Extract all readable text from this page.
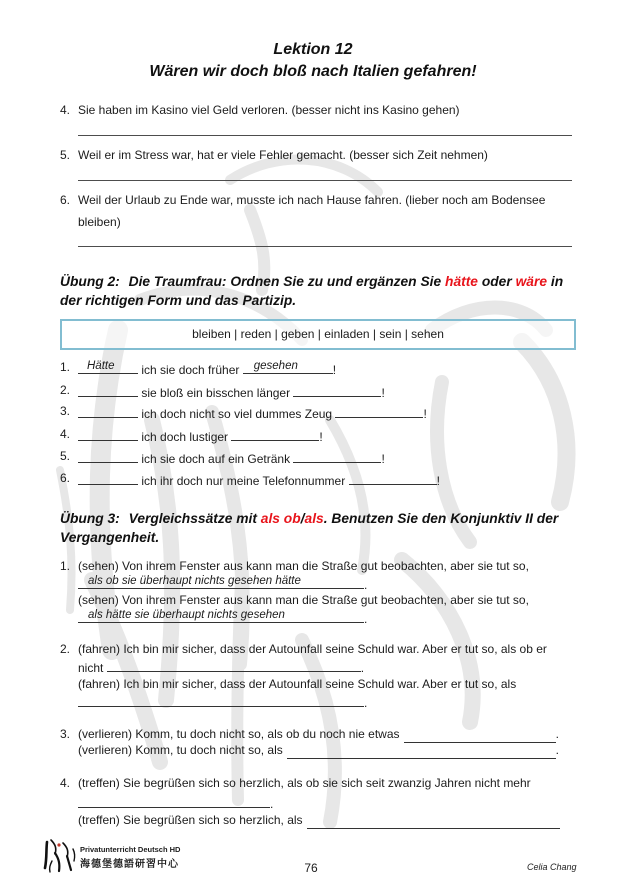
Lektion 12
Wären wir doch bloß nach Italien gefahren!
4. Sie haben im Kasino viel Geld verloren. (besser nicht ins Kasino gehen)
5. Weil er im Stress war, hat er viele Fehler gemacht. (besser sich Zeit nehmen)
6. Weil der Urlaub zu Ende war, musste ich nach Hause fahren. (lieber noch am Bodensee
bleiben)
Übung 2: Die Traumfrau: Ordnen Sie zu und ergänzen Sie hätte oder wäre in
der richtigen Form und das Partizip.
bleiben | reden | geben | einladen | sein | sehen
1.	Hätte ich sie doch früher gesehen	!
2.	sie bloß ein bisschen länger	!
3.	ich doch nicht so viel dummes Zeug	!
4.	ich doch lustiger	!
5.	ich sie doch auf ein Getränk	!
6.	ich ihr doch nur meine Telefonnummer	!
Übung 3: Vergleichssätze mit als ob/als. Benutzen Sie den Konjunktiv II der
Vergangenheit.
1. (sehen) Von ihrem Fenster aus kann man die Straße gut beobachten, aber sie tut so,
als ob sie überhaupt nichts gesehen hätte	.
(sehen) Von ihrem Fenster aus kann man die Straße gut beobachten, aber sie tut so,
als hätte sie überhaupt nichts gesehen	.
2. (fahren) Ich bin mir sicher, dass der Autounfall seine Schuld war. Aber er tut so, als ob er
nicht	.
(fahren) Ich bin mir sicher, dass der Autounfall seine Schuld war. Aber er tut so, als
.
3. (verlieren) Komm, tu doch nicht so, als ob du noch nie etwas	.
(verlieren) Komm, tu doch nicht so, als	.
4. (treffen) Sie begrüßen sich so herzlich, als ob sie sich seit zwanzig Jahren nicht mehr
.
(treffen) Sie begrüßen sich so herzlich, als
Privatunterricht Deutsch HD
海德堡德語研習中心	76	Celia Chang
